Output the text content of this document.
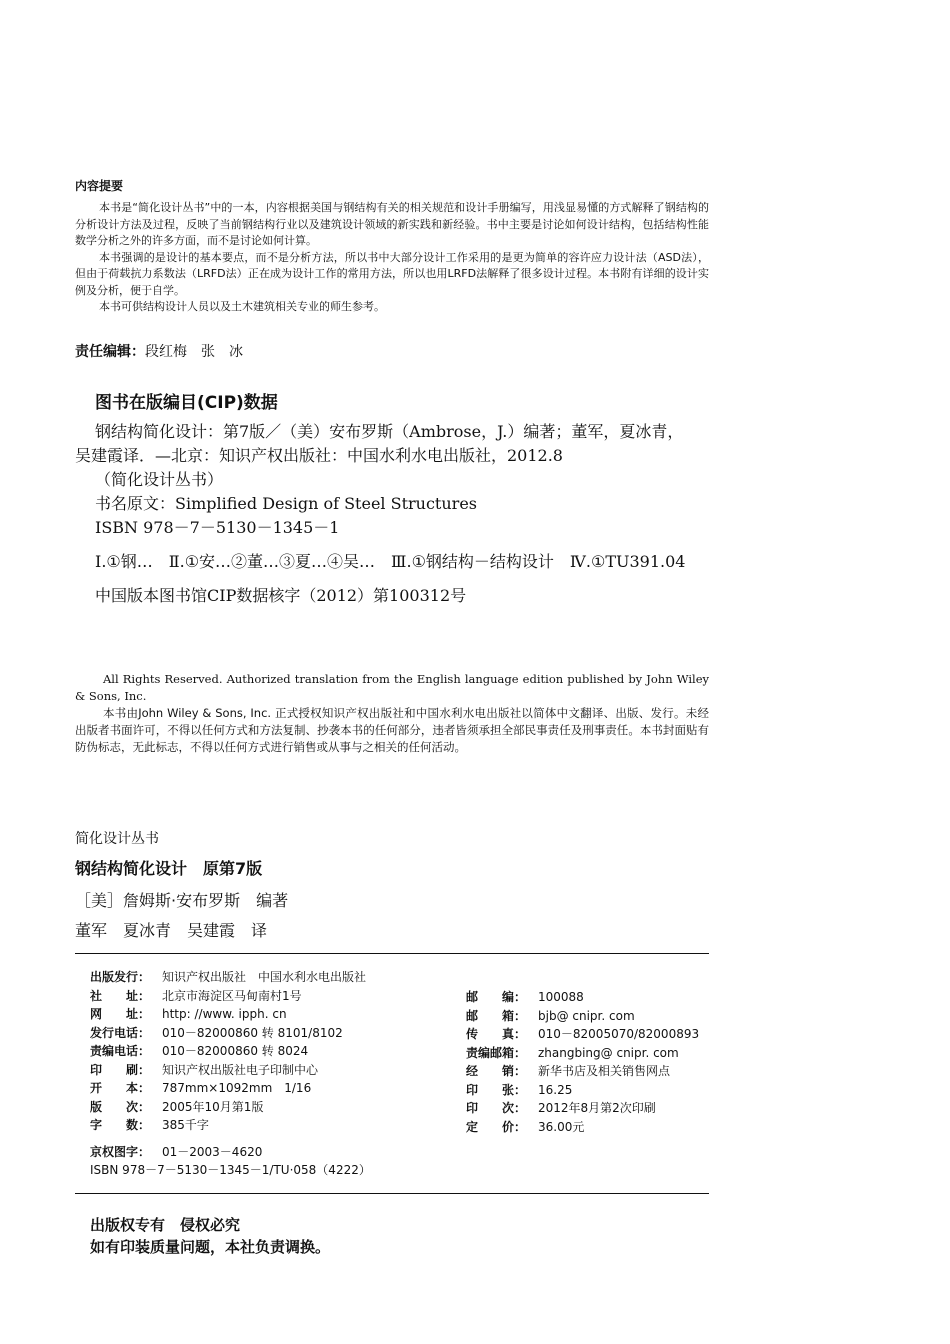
内容提要

本书是“简化设计丛书”中的一本，内容根据美国与钢结构有关的相关规范和设计手册编写，用浅显易懂的方式解释了钢结构的分析设计方法及过程，反映了当前钢结构行业以及建筑设计领域的新实践和新经验。书中主要是讨论如何设计结构，包括结构性能数学分析之外的许多方面，而不是讨论如何计算。

本书强调的是设计的基本要点，而不是分析方法，所以书中大部分设计工作采用的是更为简单的容许应力设计法（ASD法），但由于荷载抗力系数法（LRFD法）正在成为设计工作的常用方法，所以也用LRFD法解释了很多设计过程。本书附有详细的设计实例及分析，便于自学。

本书可供结构设计人员以及土木建筑相关专业的师生参考。

责任编辑：段红梅　张　冰
图书在版编目(CIP)数据

钢结构简化设计：第7版／（美）安布罗斯（Ambrose，J.）编著；董军，夏冰青，吴建霞译．—北京：知识产权出版社：中国水利水电出版社，2012.8

（简化设计丛书）

书名原文：Simplified Design of Steel Structures

ISBN 978－7－5130－1345－1

Ⅰ.①钢…　Ⅱ.①安…②董…③夏…④吴…　Ⅲ.①钢结构－结构设计　Ⅳ.①TU391.04

中国版本图书馆CIP数据核字（2012）第100312号

All Rights Reserved. Authorized translation from the English language edition published by John Wiley & Sons, Inc.

本书由John Wiley & Sons, Inc. 正式授权知识产权出版社和中国水利水电出版社以简体中文翻译、出版、发行。未经出版者书面许可，不得以任何方式和方法复制、抄袭本书的任何部分，违者皆须承担全部民事责任及刑事责任。本书封面贴有防伪标志，无此标志，不得以任何方式进行销售或从事与之相关的任何活动。

简化设计丛书
钢结构简化设计　原第7版
［美］詹姆斯·安布罗斯　编著
董军　夏冰青　吴建霞　译
出版发行： 知识产权出版社　中国水利水电出版社
社　　址： 北京市海淀区马甸南村1号
网　　址： http: //www. ipph. cn
发行电话： 010－82000860 转 8101/8102
责编电话： 010－82000860 转 8024
印　　刷： 知识产权出版社电子印制中心
开　　本： 787mm×1092mm　1/16
版　　次： 2005年10月第1版
字　　数： 385千字
京权图字： 01－2003－4620
ISBN 978－7－5130－1345－1/TU·058（4222）
邮　　编： 100088
邮　　箱： bjb@ cnipr. com
传　　真： 010－82005070/82000893
责编邮箱： zhangbing@ cnipr. com
经　　销： 新华书店及相关销售网点
印　　张： 16.25
印　　次： 2012年8月第2次印刷
定　　价： 36.00元
出版权专有　侵权必究
如有印装质量问题，本社负责调换。
